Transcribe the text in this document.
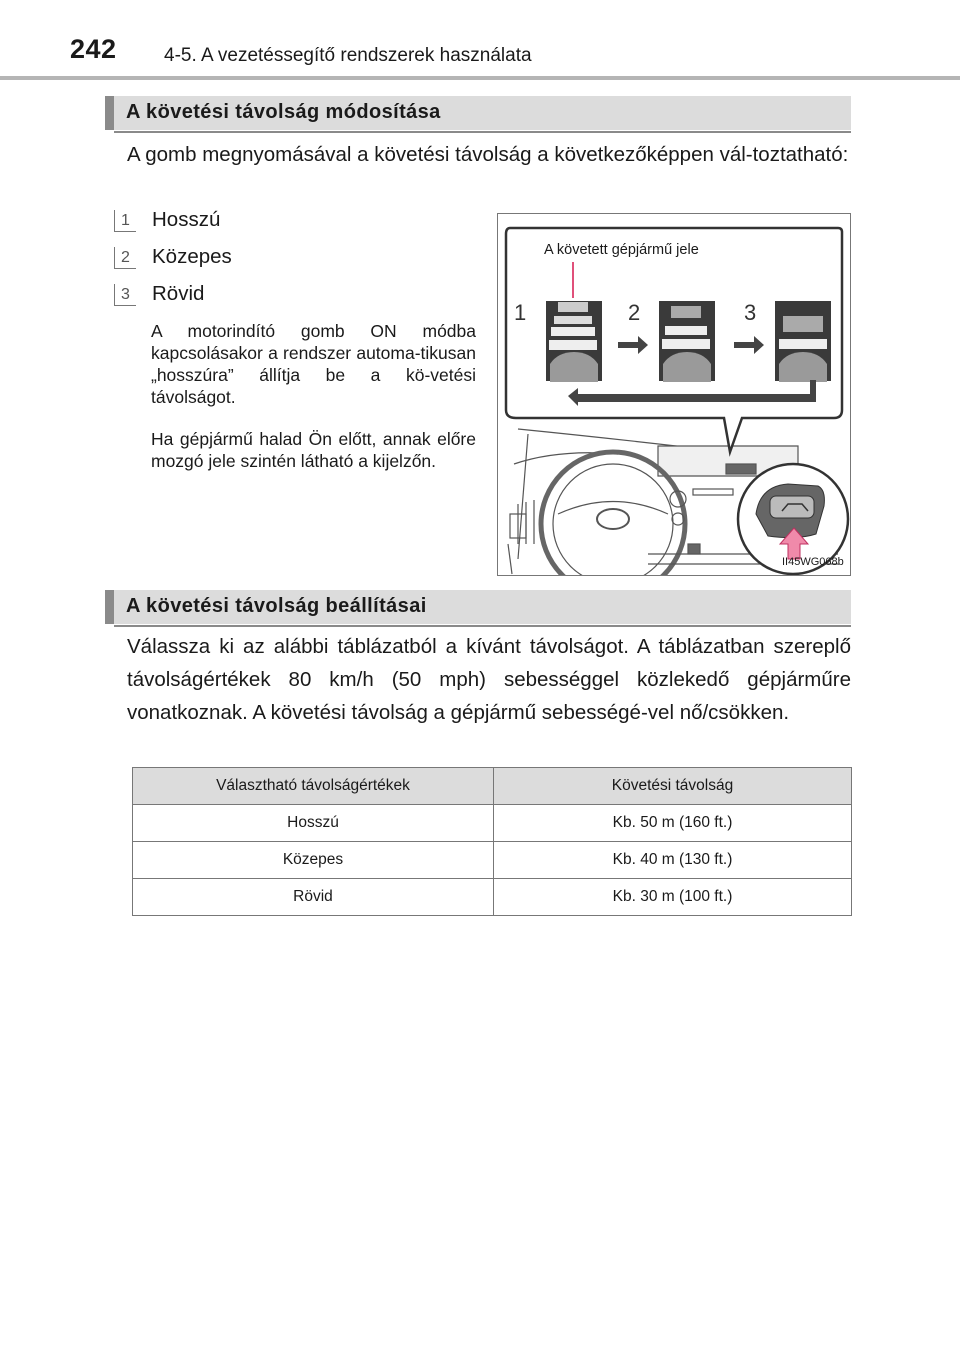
242 4-5. A vezetéssegítő rendszerek használata
A követési távolság módosítása

A gomb megnyomásával a követési távolság a következőképpen vál-toztatható:

1 Hosszú
2 Közepes
3 Rövid

A motorindító gomb ON módba kapcsolásakor a rendszer automa-tikusan „hosszúra” állítja be a kö-vetési távolságot.

Ha gépjármű halad Ön előtt, annak előre mozgó jele szintén látható a kijelzőn.

A követett gépjármű jele
1	2	3
II45WG068b
A követési távolság beállításai

Válassza ki az alábbi táblázatból a kívánt távolságot. A táblázatban szereplő távolságértékek 80 km/h (50 mph) sebességgel közlekedő gépjárműre vonatkoznak. A követési távolság a gépjármű sebességé-vel nő/csökken.

Választható távolságértékek	Követési távolság
Hosszú	Kb. 50 m (160 ft.)
Közepes	Kb. 40 m (130 ft.)
Rövid	Kb. 30 m (100 ft.)
